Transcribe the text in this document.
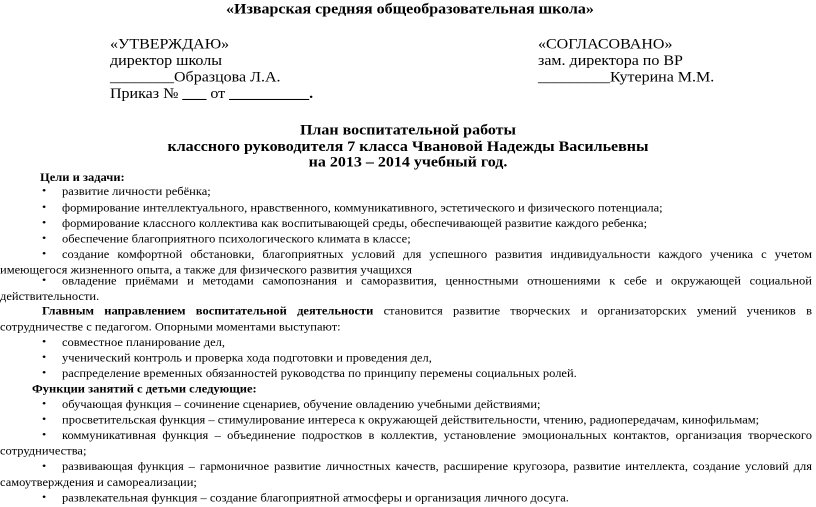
«Изварская средняя общеобразовательная школа»
«УТВЕРЖДАЮ»
директор школы
________Образцова Л.А.
Приказ № ___ от __________.
«СОГЛАСОВАНО»
зам. директора по ВР
_________Кутерина М.М.
План воспитательной работы
классного руководителя 7 класса Чвановой Надежды Васильевны
на 2013 – 2014 учебный год.
Цели и задачи:
• развитие личности ребёнка;
• формирование интеллектуального, нравственного, коммуникативного, эстетического и физического потенциала;
• формирование классного коллектива как воспитывающей среды, обеспечивающей развитие каждого ребенка;
• обеспечение благоприятного психологического климата в классе;
•	создание комфортной обстановки, благоприятных условий для успешного развития индивидуальности каждого ученика с учетом имеющегося жизненного опыта, а также для физического развития учащихся
•	овладение приёмами и методами самопознания и саморазвития, ценностными отношениями к себе и окружающей социальной действительности.
Главным направлением воспитательной деятельности становится развитие творческих и организаторских умений учеников в сотрудничестве с педагогом. Опорными моментами выступают:
• совместное планирование дел,
• ученический контроль и проверка хода подготовки и проведения дел,
• распределение временных обязанностей руководства по принципу перемены социальных ролей.
Функции занятий с детьми следующие:
• обучающая функция – сочинение сценариев, обучение овладению учебными действиями;
• просветительская функция – стимулирование интереса к окружающей действительности, чтению, радиопередачам, кинофильмам;
•	коммуникативная функция – объединение подростков в коллектив, установление эмоциональных контактов, организация творческого сотрудничества;
•	развивающая функция – гармоничное развитие личностных качеств, расширение кругозора, развитие интеллекта, создание условий для самоутверждения и самореализации;
• развлекательная функция – создание благоприятной атмосферы и организация личного досуга.
